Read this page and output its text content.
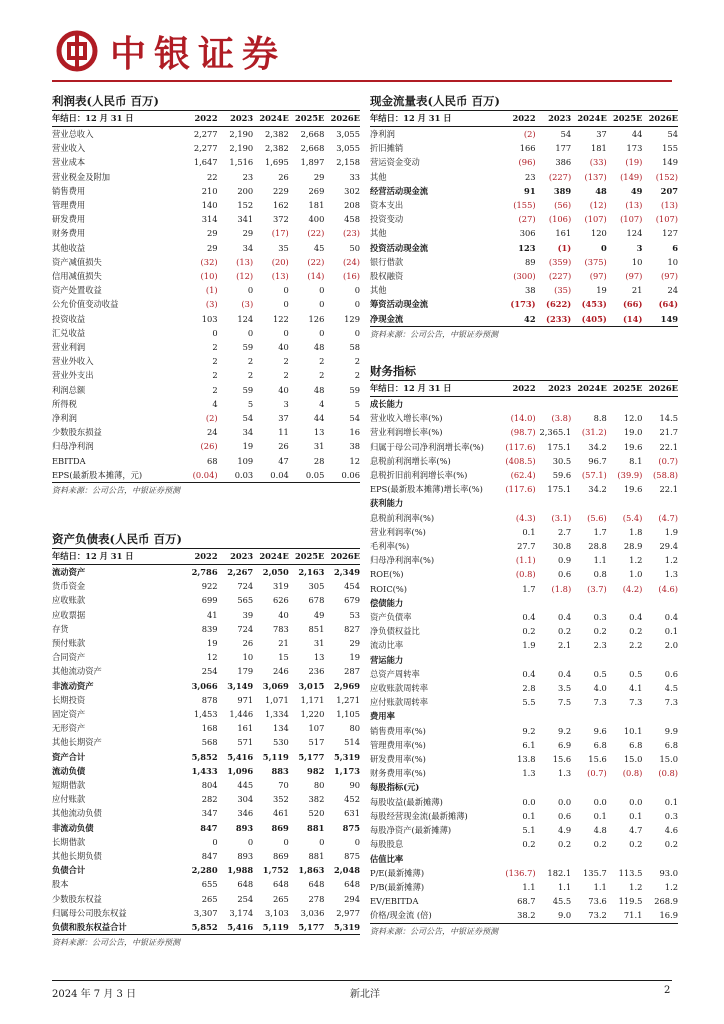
中银证券
利润表(人民币 百万)
年结日：12 月 31 日	2022	2023	2024E	2025E	2026E
营业总收入	2,277	2,190	2,382	2,668	3,055
营业收入	2,277	2,190	2,382	2,668	3,055
营业成本	1,647	1,516	1,695	1,897	2,158
营业税金及附加	22	23	26	29	33
销售费用	210	200	229	269	302
管理费用	140	152	162	181	208
研发费用	314	341	372	400	458
财务费用	29	29	(17)	(22)	(23)
其他收益	29	34	35	45	50
资产减值损失	(32)	(13)	(20)	(22)	(24)
信用减值损失	(10)	(12)	(13)	(14)	(16)
资产处置收益	(1)	0	0	0	0
公允价值变动收益	(3)	(3)	0	0	0
投资收益	103	124	122	126	129
汇兑收益	0	0	0	0	0
营业利润	2	59	40	48	58
营业外收入	2	2	2	2	2
营业外支出	2	2	2	2	2
利润总额	2	59	40	48	59
所得税	4	5	3	4	5
净利润	(2)	54	37	44	54
少数股东损益	24	34	11	13	16
归母净利润	(26)	19	26	31	38
EBITDA	68	109	47	28	12
EPS(最新股本摊薄，元)	(0.04)	0.03	0.04	0.05	0.06
资料来源：公司公告，中银证券预测
资产负债表(人民币 百万)
年结日：12 月 31 日	2022	2023	2024E	2025E	2026E
流动资产	2,786	2,267	2,050	2,163	2,349
货币资金	922	724	319	305	454
应收账款	699	565	626	678	679
应收票据	41	39	40	49	53
存货	839	724	783	851	827
预付账款	19	26	21	31	29
合同资产	12	10	15	13	19
其他流动资产	254	179	246	236	287
非流动资产	3,066	3,149	3,069	3,015	2,969
长期投资	878	971	1,071	1,171	1,271
固定资产	1,453	1,446	1,334	1,220	1,105
无形资产	168	161	134	107	80
其他长期资产	568	571	530	517	514
资产合计	5,852	5,416	5,119	5,177	5,319
流动负债	1,433	1,096	883	982	1,173
短期借款	804	445	70	80	90
应付账款	282	304	352	382	452
其他流动负债	347	346	461	520	631
非流动负债	847	893	869	881	875
长期借款	0	0	0	0	0
其他长期负债	847	893	869	881	875
负债合计	2,280	1,988	1,752	1,863	2,048
股本	655	648	648	648	648
少数股东权益	265	254	265	278	294
归属母公司股东权益	3,307	3,174	3,103	3,036	2,977
负债和股东权益合计	5,852	5,416	5,119	5,177	5,319
资料来源：公司公告，中银证券预测
现金流量表(人民币 百万)
年结日：12 月 31 日	2022	2023	2024E	2025E	2026E
净利润	(2)	54	37	44	54
折旧摊销	166	177	181	173	155
营运资金变动	(96)	386	(33)	(19)	149
其他	23	(227)	(137)	(149)	(152)
经营活动现金流	91	389	48	49	207
资本支出	(155)	(56)	(12)	(13)	(13)
投资变动	(27)	(106)	(107)	(107)	(107)
其他	306	161	120	124	127
投资活动现金流	123	(1)	0	3	6
银行借款	89	(359)	(375)	10	10
股权融资	(300)	(227)	(97)	(97)	(97)
其他	38	(35)	19	21	24
筹资活动现金流	(173)	(622)	(453)	(66)	(64)
净现金流	42	(233)	(405)	(14)	149
资料来源：公司公告，中银证券预测
财务指标
年结日：12 月 31 日	2022	2023	2024E	2025E	2026E
成长能力					
营业收入增长率(%)	(14.0)	(3.8)	8.8	12.0	14.5
营业利润增长率(%)	(98.7)	2,365.1	(31.2)	19.0	21.7
归属于母公司净利润增长率(%)	(117.6)	175.1	34.2	19.6	22.1
息税前利润增长率(%)	(408.5)	30.5	96.7	8.1	(0.7)
息税折旧前利润增长率(%)	(62.4)	59.6	(57.1)	(39.9)	(58.8)
EPS(最新股本摊薄)增长率(%)	(117.6)	175.1	34.2	19.6	22.1
获利能力					
息税前利润率(%)	(4.3)	(3.1)	(5.6)	(5.4)	(4.7)
营业利润率(%)	0.1	2.7	1.7	1.8	1.9
毛利率(%)	27.7	30.8	28.8	28.9	29.4
归母净利润率(%)	(1.1)	0.9	1.1	1.2	1.2
ROE(%)	(0.8)	0.6	0.8	1.0	1.3
ROIC(%)	1.7	(1.8)	(3.7)	(4.2)	(4.6)
偿债能力					
资产负债率	0.4	0.4	0.3	0.4	0.4
净负债权益比	0.2	0.2	0.2	0.2	0.1
流动比率	1.9	2.1	2.3	2.2	2.0
营运能力					
总资产周转率	0.4	0.4	0.5	0.5	0.6
应收账款周转率	2.8	3.5	4.0	4.1	4.5
应付账款周转率	5.5	7.5	7.3	7.3	7.3
费用率					
销售费用率(%)	9.2	9.2	9.6	10.1	9.9
管理费用率(%)	6.1	6.9	6.8	6.8	6.8
研发费用率(%)	13.8	15.6	15.6	15.0	15.0
财务费用率(%)	1.3	1.3	(0.7)	(0.8)	(0.8)
每股指标(元)					
每股收益(最新摊薄)	0.0	0.0	0.0	0.0	0.1
每股经营现金流(最新摊薄)	0.1	0.6	0.1	0.1	0.3
每股净资产(最新摊薄)	5.1	4.9	4.8	4.7	4.6
每股股息	0.2	0.2	0.2	0.2	0.2
估值比率					
P/E(最新摊薄)	(136.7)	182.1	135.7	113.5	93.0
P/B(最新摊薄)	1.1	1.1	1.1	1.2	1.2
EV/EBITDA	68.7	45.5	73.6	119.5	268.9
价格/现金流 (倍)	38.2	9.0	73.2	71.1	16.9
资料来源：公司公告，中银证券预测
2024 年 7 月 3 日	新北洋	2
